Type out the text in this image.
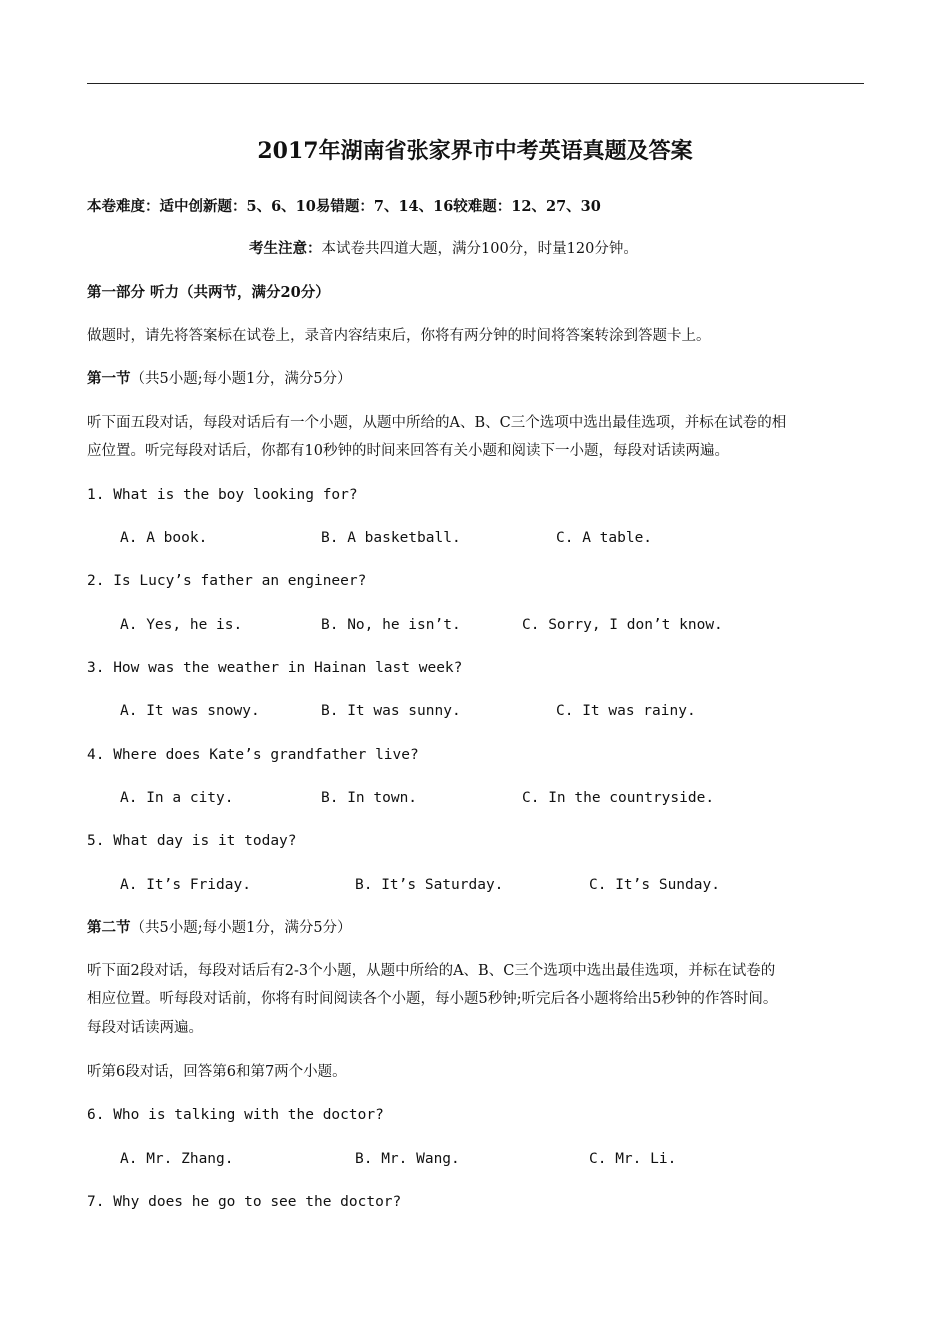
2017年湖南省张家界市中考英语真题及答案
本卷难度：适中创新题：5、6、10易错题：7、14、16较难题：12、27、30
考生注意：本试卷共四道大题，满分100分，时量120分钟。
第一部分 听力（共两节，满分20分）
做题时，请先将答案标在试卷上，录音内容结束后，你将有两分钟的时间将答案转涂到答题卡上。
第一节（共5小题;每小题1分，满分5分）
听下面五段对话，每段对话后有一个小题，从题中所给的A、B、C三个选项中选出最佳选项，并标在试卷的相
应位置。听完每段对话后，你都有10秒钟的时间来回答有关小题和阅读下一小题，每段对话读两遍。
1. What is the boy looking for?
A. A book.	B. A basketball.	C. A table.
2. Is Lucy’s father an engineer?
A. Yes, he is.	B. No, he isn’t.	C. Sorry, I don’t know.
3. How was the weather in Hainan last week?
A. It was snowy.	B. It was sunny.	C. It was rainy.
4. Where does Kate’s grandfather live?
A. In a city.	B. In town.	C. In the countryside.
5. What day is it today?
A. It’s Friday.	B. It’s Saturday.	C. It’s Sunday.
第二节（共5小题;每小题1分，满分5分）
听下面2段对话，每段对话后有2-3个小题，从题中所给的A、B、C三个选项中选出最佳选项，并标在试卷的
相应位置。听每段对话前，你将有时间阅读各个小题，每小题5秒钟;听完后各小题将给出5秒钟的作答时间。
每段对话读两遍。
听第6段对话，回答第6和第7两个小题。
6. Who is talking with the doctor?
A. Mr. Zhang.	B. Mr. Wang.	C. Mr. Li.
7. Why does he go to see the doctor?
